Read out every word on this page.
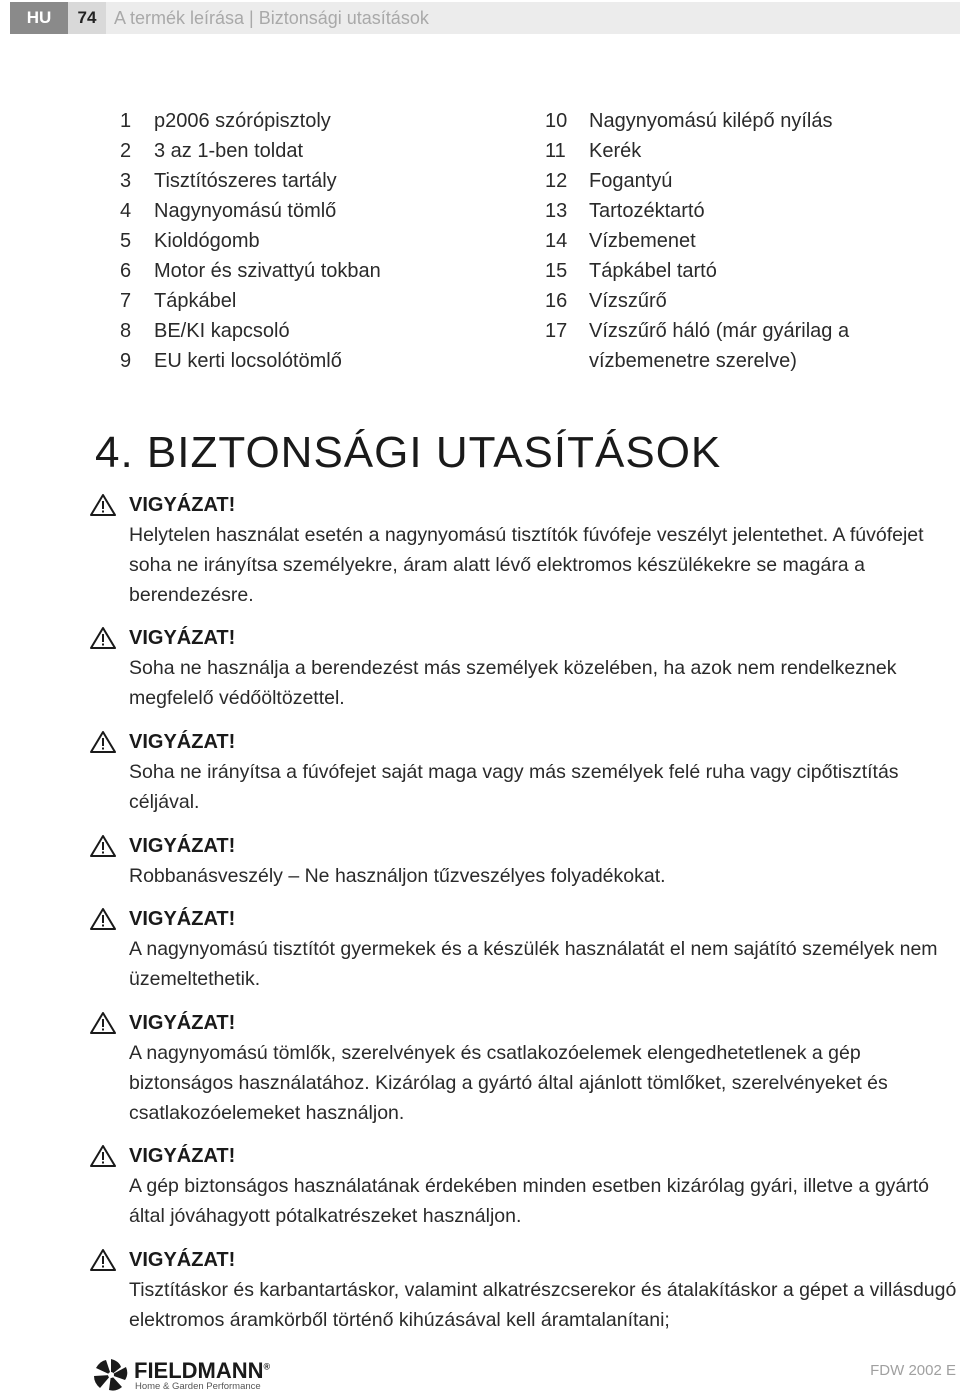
HU	74 A termék leírása | Biztonsági utasítások
1	p2006 szórópisztoly
2	3 az 1-ben toldat
3	Tisztítószeres tartály
4	Nagynyomású tömlő
5	Kioldógomb
6	Motor és szivattyú tokban
7	Tápkábel
8	BE/KI kapcsoló
9	EU kerti locsolótömlő
10	Nagynyomású kilépő nyílás
11	Kerék
12	Fogantyú
13	Tartozéktartó
14	Vízbemenet
15	Tápkábel tartó
16	Vízszűrő
17	Vízszűrő háló (már gyárilag a vízbemenetre szerelve)
4. BIZTONSÁGI UTASÍTÁSOK
VIGYÁZAT!
Helytelen használat esetén a nagynyomású tisztítók fúvófeje veszélyt jelentethet. A fúvófejet soha ne irányítsa személyekre, áram alatt lévő elektromos készülékekre se magára a berendezésre.
VIGYÁZAT!
Soha ne használja a berendezést más személyek közelében, ha azok nem rendelkeznek megfelelő védőöltözettel.
VIGYÁZAT!
Soha ne irányítsa a fúvófejet saját maga vagy más személyek felé ruha vagy cipőtisztítás céljával.
VIGYÁZAT!
Robbanásveszély – Ne használjon tűzveszélyes folyadékokat.
VIGYÁZAT!
A nagynyomású tisztítót gyermekek és a készülék használatát el nem sajátító személyek nem üzemeltethetik.
VIGYÁZAT!
A nagynyomású tömlők, szerelvények és csatlakozóelemek elengedhetetlenek a gép biztonságos használatához. Kizárólag a gyártó által ajánlott tömlőket, szerelvényeket és csatlakozóelemeket használjon.
VIGYÁZAT!
A gép biztonságos használatának érdekében minden esetben kizárólag gyári, illetve a gyártó által jóváhagyott pótalkatrészeket használjon.
VIGYÁZAT!
Tisztításkor és karbantartáskor, valamint alkatrészcserekor és átalakításkor a gépet a villásdugó elektromos áramkörből történő kihúzásával kell áramtalanítani;
FIELDMANN®
Home & Garden Performance
FDW 2002 E
